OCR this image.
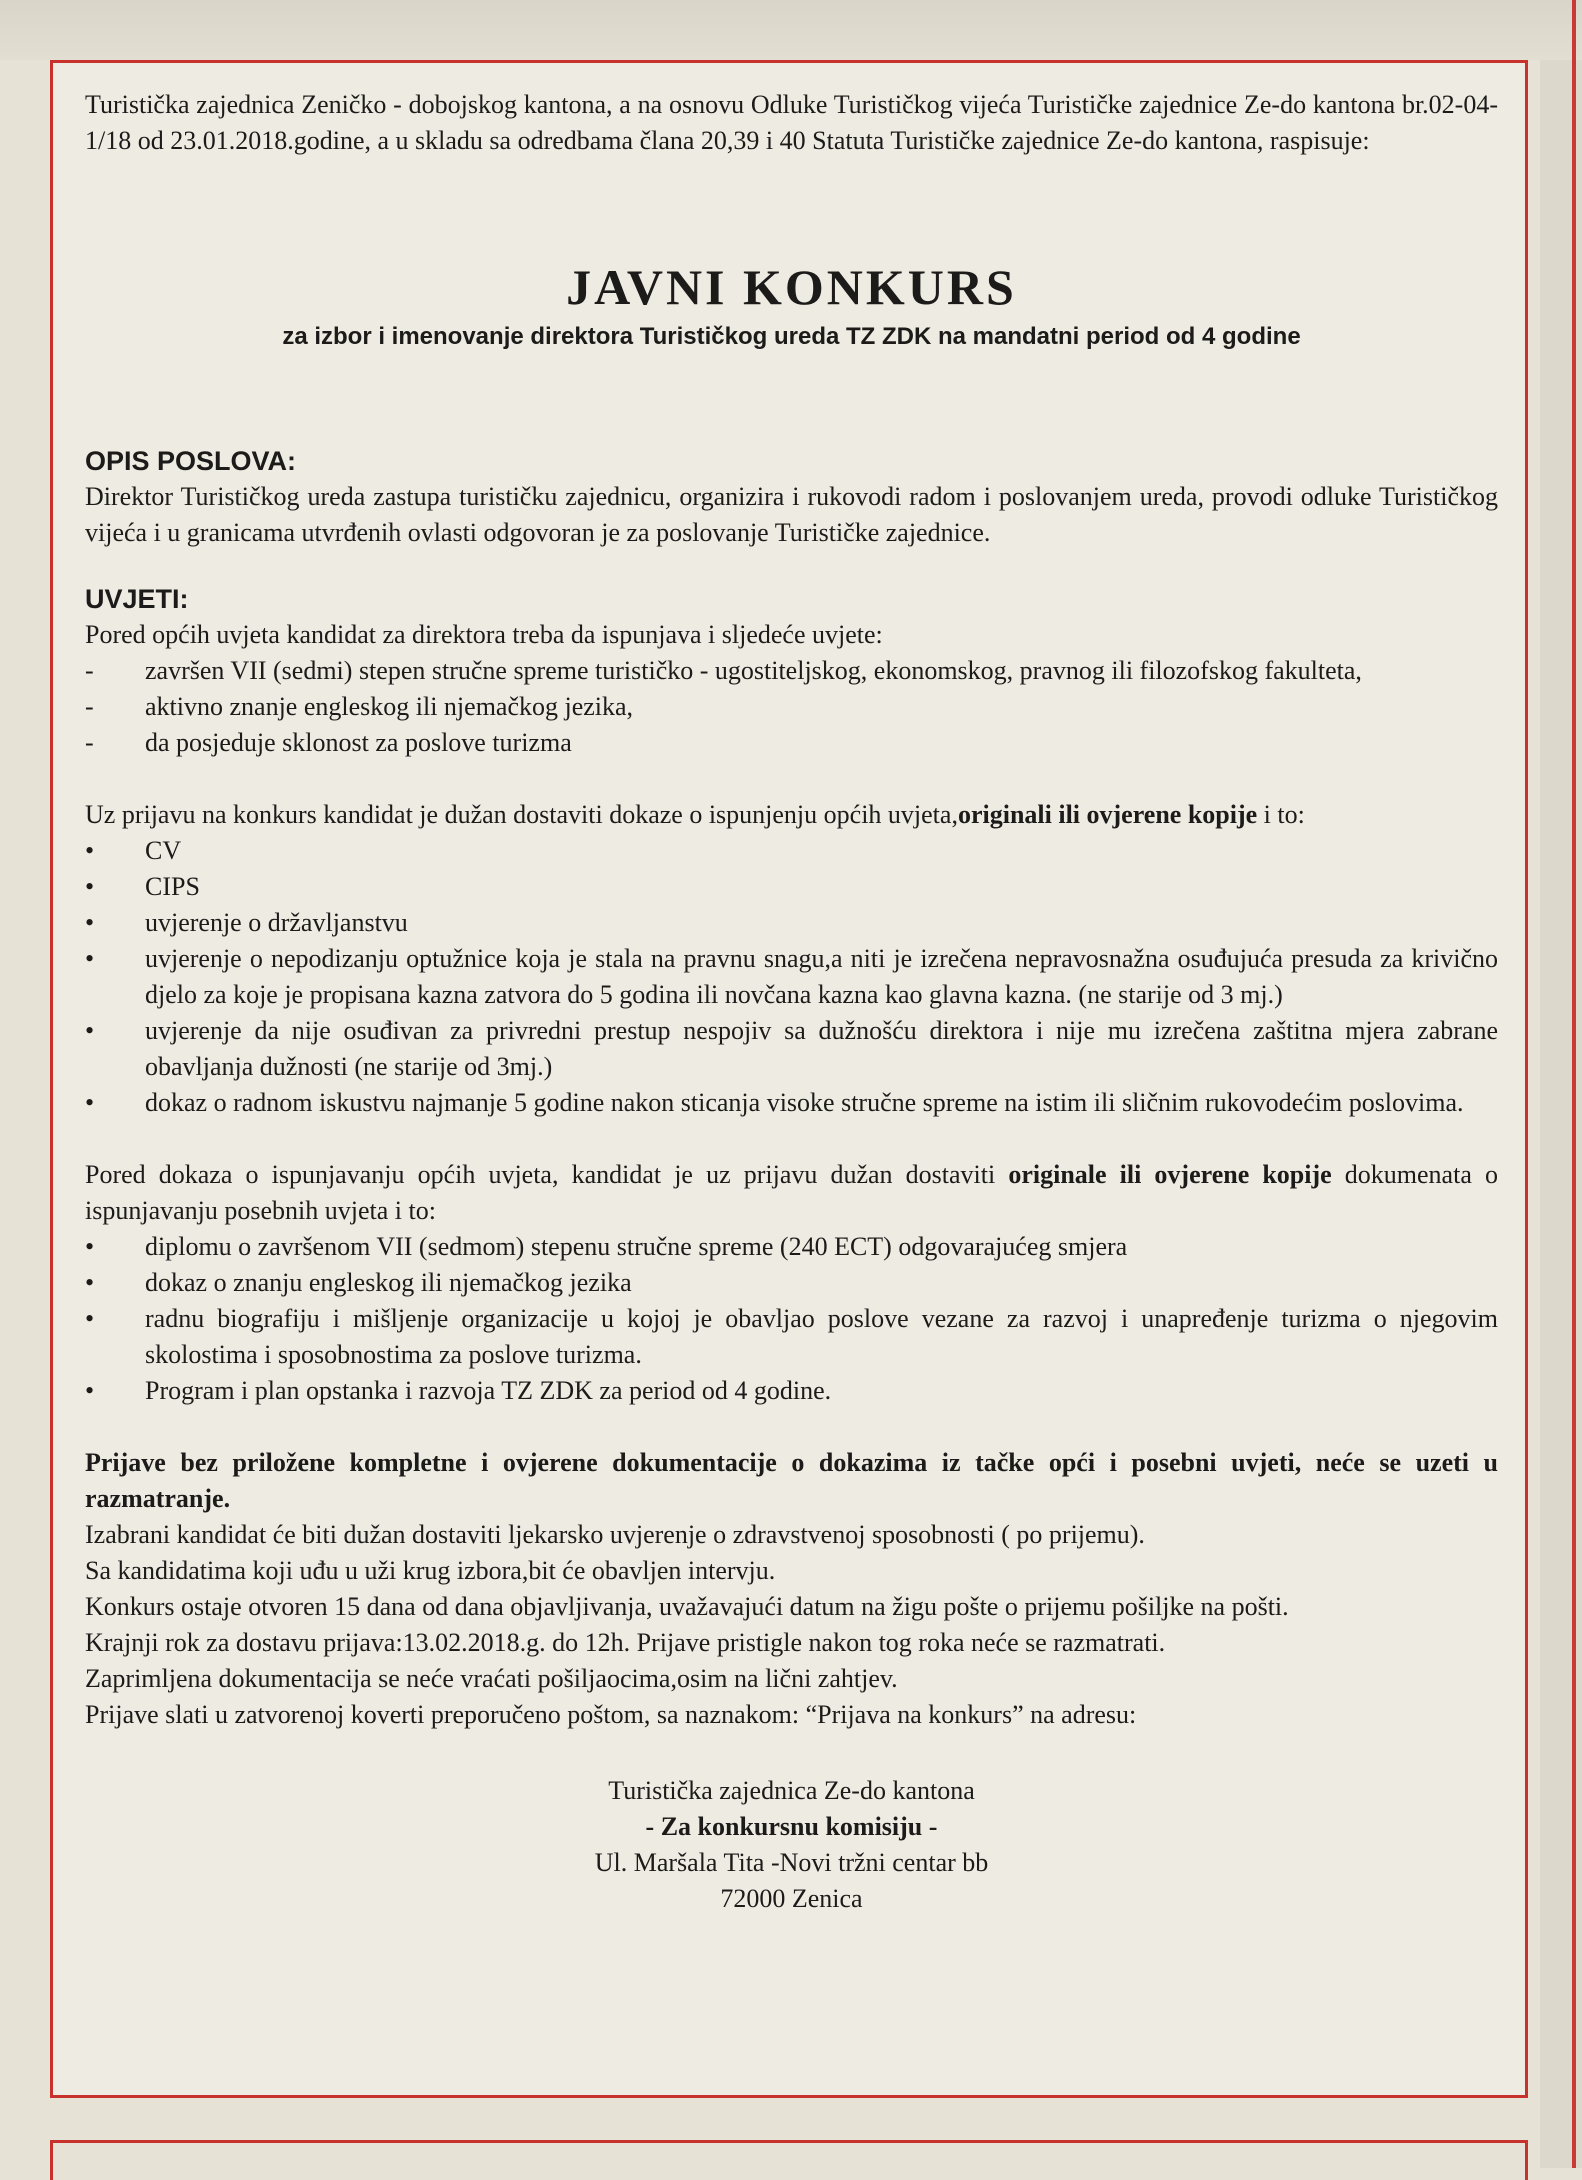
Turistička zajednica Zeničko - dobojskog kantona, a na osnovu Odluke Turističkog vijeća Turističke zajednice Ze-do kantona br.02-04-1/18 od 23.01.2018.godine, a u skladu sa odredbama člana 20,39 i 40 Statuta Turističke zajednice Ze-do kantona, raspisuje:

JAVNI KONKURS
za izbor i imenovanje direktora Turističkog ureda TZ ZDK na mandatni period od 4 godine
OPIS POSLOVA:

Direktor Turističkog ureda zastupa turističku zajednicu, organizira i rukovodi radom i poslovanjem ureda, provodi odluke Turističkog vijeća i u granicama utvrđenih ovlasti odgovoran je za poslovanje Turističke zajednice.

UVJETI:

Pored općih uvjeta kandidat za direktora treba da ispunjava i sljedeće uvjete:

- završen VII (sedmi) stepen stručne spreme turističko - ugostiteljskog, ekonomskog, pravnog ili filozofskog fakulteta,
- aktivno znanje engleskog ili njemačkog jezika,
- da posjeduje sklonost za poslove turizma

Uz prijavu na konkurs kandidat je dužan dostaviti dokaze o ispunjenju općih uvjeta,originali ili ovjerene kopije i to:

• CV
• CIPS
• uvjerenje o državljanstvu
• uvjerenje o nepodizanju optužnice koja je stala na pravnu snagu,a niti je izrečena nepravosnažna osuđujuća presuda za krivično djelo za koje je propisana kazna zatvora do 5 godina ili novčana kazna kao glavna kazna. (ne starije od 3 mj.)
• uvjerenje da nije osuđivan za privredni prestup nespojiv sa dužnošću direktora i nije mu izrečena zaštitna mjera zabrane obavljanja dužnosti (ne starije od 3mj.)
• dokaz o radnom iskustvu najmanje 5 godine nakon sticanja visoke stručne spreme na istim ili sličnim rukovodećim poslovima.

Pored dokaza o ispunjavanju općih uvjeta, kandidat je uz prijavu dužan dostaviti originale ili ovjerene kopije dokumenata o ispunjavanju posebnih uvjeta i to:

• diplomu o završenom VII (sedmom) stepenu stručne spreme (240 ECT) odgovarajućeg smjera
• dokaz o znanju engleskog ili njemačkog jezika
• radnu biografiju i mišljenje organizacije u kojoj je obavljao poslove vezane za razvoj i unapređenje turizma o njegovim skolostima i sposobnostima za poslove turizma.
• Program i plan opstanka i razvoja TZ ZDK za period od 4 godine.

Prijave bez priložene kompletne i ovjerene dokumentacije o dokazima iz tačke opći i posebni uvjeti, neće se uzeti u razmatranje.

Izabrani kandidat će biti dužan dostaviti ljekarsko uvjerenje o zdravstvenoj sposobnosti ( po prijemu).

Sa kandidatima koji uđu u uži krug izbora,bit će obavljen intervju.

Konkurs ostaje otvoren 15 dana od dana objavljivanja, uvažavajući datum na žigu pošte o prijemu pošiljke na pošti.

Krajnji rok za dostavu prijava:13.02.2018.g. do 12h. Prijave pristigle nakon tog roka neće se razmatrati.

Zaprimljena dokumentacija se neće vraćati pošiljaocima,osim na lični zahtjev.

Prijave slati u zatvorenoj koverti preporučeno poštom, sa naznakom: “Prijava na konkurs” na adresu:

Turistička zajednica Ze-do kantona
- Za konkursnu komisiju -
Ul. Maršala Tita -Novi tržni centar bb
72000 Zenica
